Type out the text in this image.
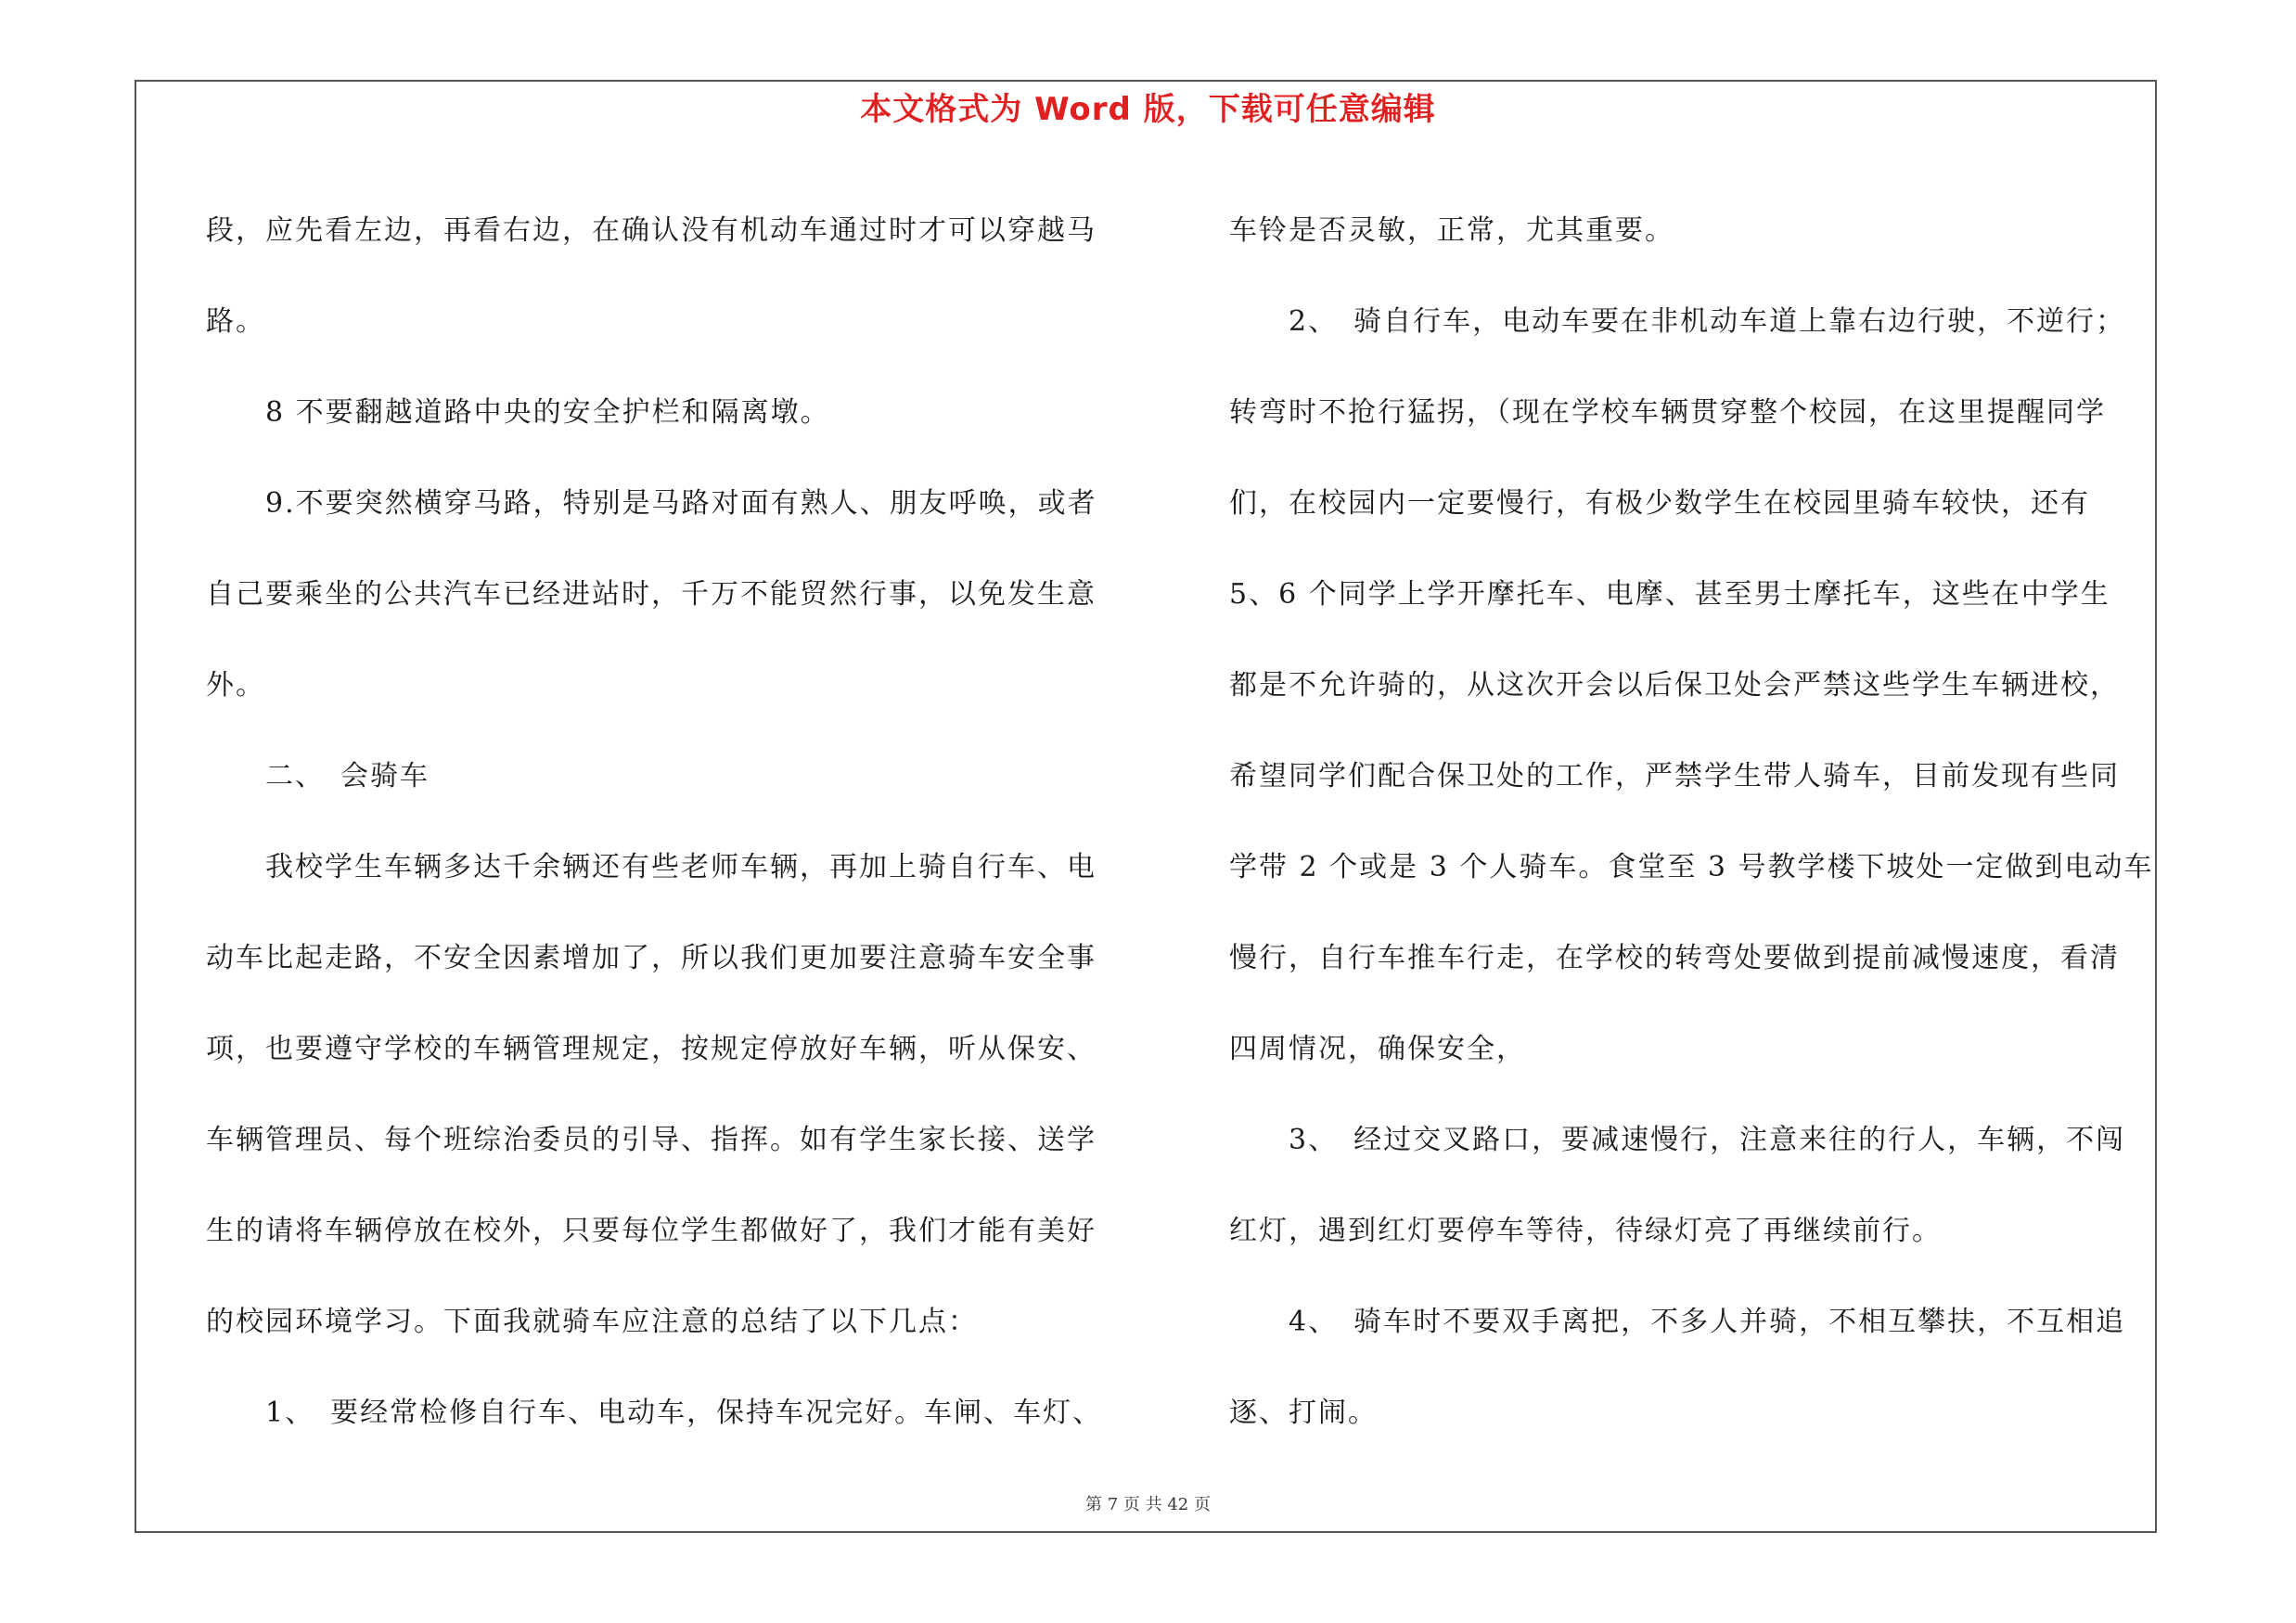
本文格式为 Word 版，下载可任意编辑
段，应先看左边，再看右边，在确认没有机动车通过时才可以穿越马
路。
　　8 不要翻越道路中央的安全护栏和隔离墩。
　　9.不要突然横穿马路，特别是马路对面有熟人、朋友呼唤，或者
自己要乘坐的公共汽车已经进站时，千万不能贸然行事，以免发生意
外。
　　二、　会骑车
　　我校学生车辆多达千余辆还有些老师车辆，再加上骑自行车、电
动车比起走路，不安全因素增加了，所以我们更加要注意骑车安全事
项，也要遵守学校的车辆管理规定，按规定停放好车辆，听从保安、
车辆管理员、每个班综治委员的引导、指挥。如有学生家长接、送学
生的请将车辆停放在校外，只要每位学生都做好了，我们才能有美好
的校园环境学习。下面我就骑车应注意的总结了以下几点：
　　1、　要经常检修自行车、电动车，保持车况完好。车闸、车灯、
车铃是否灵敏，正常，尤其重要。
　　2、　骑自行车，电动车要在非机动车道上靠右边行驶，不逆行；
转弯时不抢行猛拐，（现在学校车辆贯穿整个校园，在这里提醒同学
们，在校园内一定要慢行，有极少数学生在校园里骑车较快，还有
5、6 个同学上学开摩托车、电摩、甚至男士摩托车，这些在中学生
都是不允许骑的，从这次开会以后保卫处会严禁这些学生车辆进校，
希望同学们配合保卫处的工作，严禁学生带人骑车，目前发现有些同
学带 2 个或是 3 个人骑车。食堂至 3 号教学楼下坡处一定做到电动车
慢行，自行车推车行走，在学校的转弯处要做到提前减慢速度，看清
四周情况，确保安全，
　　3、　经过交叉路口，要减速慢行，注意来往的行人，车辆，不闯
红灯，遇到红灯要停车等待，待绿灯亮了再继续前行。
　　4、　骑车时不要双手离把，不多人并骑，不相互攀扶，不互相追
逐、打闹。
第 7 页 共 42 页
